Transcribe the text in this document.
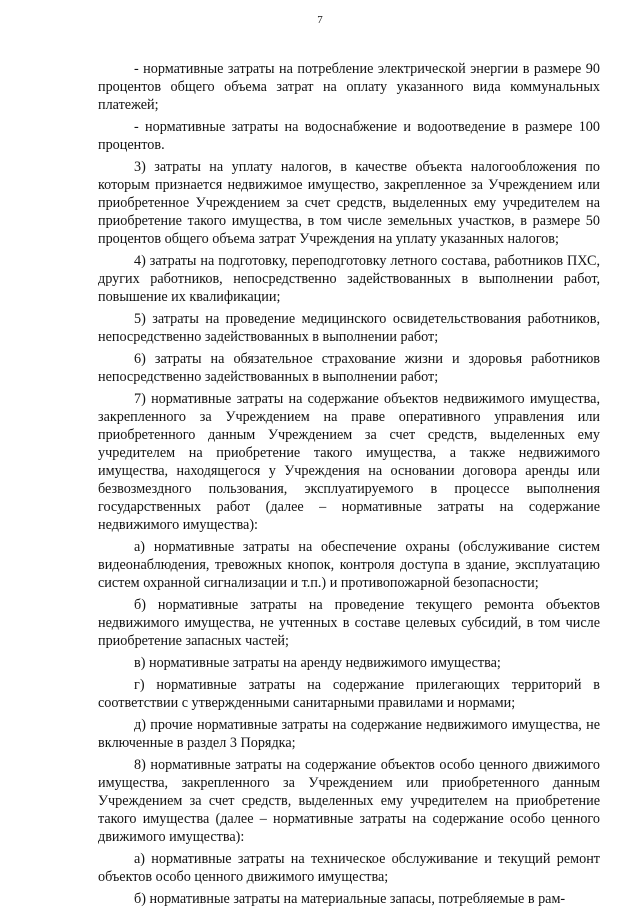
7

- нормативные затраты на потребление электрической энергии в размере 90 процентов общего объема затрат на оплату указанного вида коммунальных платежей;

- нормативные затраты на водоснабжение и водоотведение в размере 100 процентов.

3) затраты на уплату налогов, в качестве объекта налогообложения по которым признается недвижимое имущество, закрепленное за Учреждением или приобретенное Учреждением за счет средств, выделенных ему учредителем на приобретение такого имущества, в том числе земельных участков, в размере 50 процентов общего объема затрат Учреждения на уплату указанных налогов;

4) затраты на подготовку, переподготовку летного состава, работников ПХС, других работников, непосредственно задействованных в выполнении работ, повышение их квалификации;

5) затраты на проведение медицинского освидетельствования работников, непосредственно задействованных в выполнении работ;

6) затраты на обязательное страхование жизни и здоровья работников непосредственно задействованных в выполнении работ;

7) нормативные затраты на содержание объектов недвижимого имущества, закрепленного за Учреждением на праве оперативного управления или приобретенного данным Учреждением за счет средств, выделенных ему учредителем на приобретение такого имущества, а также недвижимого имущества, находящегося у Учреждения на основании договора аренды или безвозмездного пользования, эксплуатируемого в процессе выполнения государственных работ (далее – нормативные затраты на содержание недвижимого имущества):

а) нормативные затраты на обеспечение охраны (обслуживание систем видеонаблюдения, тревожных кнопок, контроля доступа в здание, эксплуатацию систем охранной сигнализации и т.п.) и противопожарной безопасности;

б) нормативные затраты на проведение текущего ремонта объектов недвижимого имущества, не учтенных в составе целевых субсидий, в том числе приобретение запасных частей;

в) нормативные затраты на аренду недвижимого имущества;

г) нормативные затраты на содержание прилегающих территорий в соответствии с утвержденными санитарными правилами и нормами;

д) прочие нормативные затраты на содержание недвижимого имущества, не включенные в раздел 3 Порядка;

8) нормативные затраты на содержание объектов особо ценного движимого имущества, закрепленного за Учреждением или приобретенного данным Учреждением за счет средств, выделенных ему учредителем на приобретение такого имущества (далее – нормативные затраты на содержание особо ценного движимого имущества):

а) нормативные затраты на техническое обслуживание и текущий ремонт объектов особо ценного движимого имущества;

б) нормативные затраты на материальные запасы, потребляемые в рам-
